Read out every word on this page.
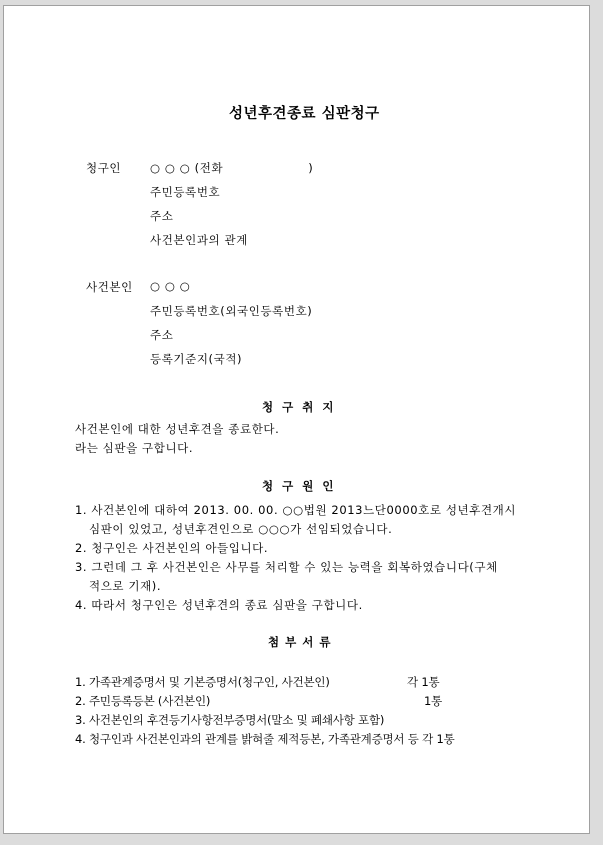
성년후견종료 심판청구
청구인	○ ○ ○ (전화                    )
주민등록번호
주소
사건본인과의 관계
사건본인 ○ ○ ○
주민등록번호(외국인등록번호)
주소
등록기준지(국적)
청구취지
사건본인에 대한 성년후견을 종료한다.
라는 심판을 구합니다.
청구원인
1. 사건본인에 대하여 2013. 00. 00. ○○법원 2013느단0000호로 성년후견개시
심판이 있었고, 성년후견인으로 ○○○가 선임되었습니다.
2. 청구인은 사건본인의 아들입니다.
3. 그런데 그 후 사건본인은 사무를 처리할 수 있는 능력을 회복하였습니다(구체
적으로 기재).
4. 따라서 청구인은 성년후견의 종료 심판을 구합니다.
첨부서류
1. 가족관계증명서 및 기본증명서(청구인, 사건본인)	각 1통
2. 주민등록등본 (사건본인)	1통
3. 사건본인의 후견등기사항전부증명서(말소 및 폐쇄사항 포함)
4. 청구인과 사건본인과의 관계를 밝혀줄 제적등본, 가족관계증명서 등 각 1통
